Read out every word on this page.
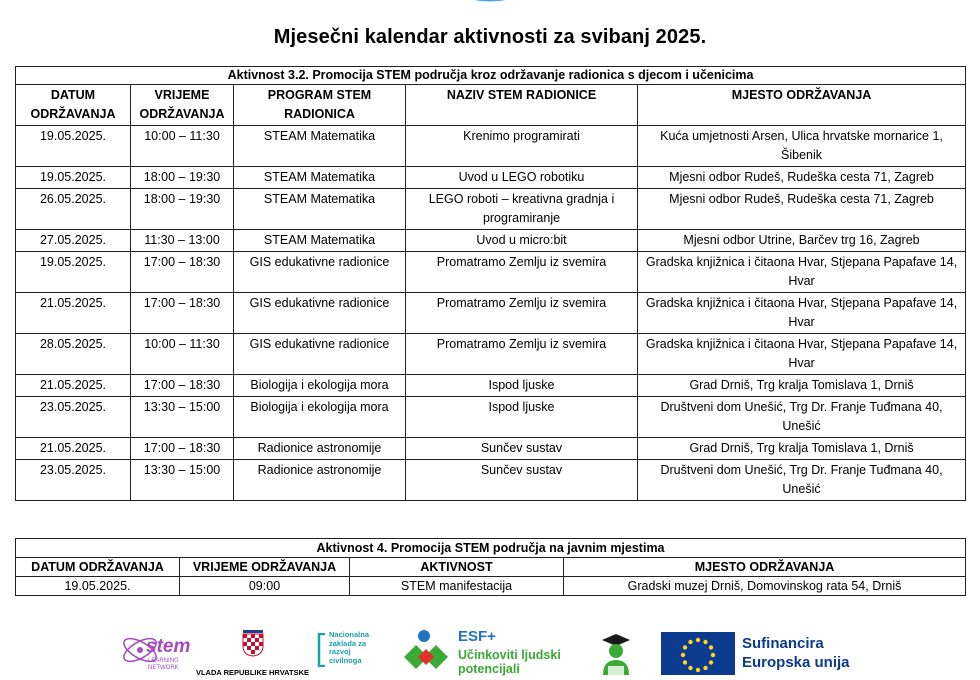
Mjesečni kalendar aktivnosti za svibanj 2025.
Aktivnost 3.2. Promocija STEM područja kroz održavanje radionica s djecom i učenicima				
DATUM ODRŽAVANJA	VRIJEME ODRŽAVANJA	PROGRAM STEM RADIONICA	NAZIV STEM RADIONICE	MJESTO ODRŽAVANJA
19.05.2025.	10:00 – 11:30	STEAM Matematika	Krenimo programirati	Kuća umjetnosti Arsen, Ulica hrvatske mornarice 1, Šibenik
19.05.2025.	18:00 – 19:30	STEAM Matematika	Uvod u LEGO robotiku	Mjesni odbor Rudeš, Rudeška cesta 71, Zagreb
26.05.2025.	18:00 – 19:30	STEAM Matematika	LEGO roboti – kreativna gradnja i programiranje	Mjesni odbor Rudeš, Rudeška cesta 71, Zagreb
27.05.2025.	11:30 – 13:00	STEAM Matematika	Uvod u micro:bit	Mjesni odbor Utrine, Barčev trg 16, Zagreb
19.05.2025.	17:00 – 18:30	GIS edukativne radionice	Promatramo Zemlju iz svemira	Gradska knjižnica i čitaona Hvar, Stjepana Papafave 14, Hvar
21.05.2025.	17:00 – 18:30	GIS edukativne radionice	Promatramo Zemlju iz svemira	Gradska knjižnica i čitaona Hvar, Stjepana Papafave 14, Hvar
28.05.2025.	10:00 – 11:30	GIS edukativne radionice	Promatramo Zemlju iz svemira	Gradska knjižnica i čitaona Hvar, Stjepana Papafave 14, Hvar
21.05.2025.	17:00 – 18:30	Biologija i ekologija mora	Ispod ljuske	Grad Drniš, Trg kralja Tomislava 1, Drniš
23.05.2025.	13:30 – 15:00	Biologija i ekologija mora	Ispod ljuske	Društveni dom Unešić, Trg Dr. Franje Tuđmana 40, Unešić
21.05.2025.	17:00 – 18:30	Radionice astronomije	Sunčev sustav	Grad Drniš, Trg kralja Tomislava 1, Drniš
23.05.2025.	13:30 – 15:00	Radionice astronomije	Sunčev sustav	Društveni dom Unešić, Trg Dr. Franje Tuđmana 40, Unešić
Aktivnost 4. Promocija STEM područja na javnim mjestima			
DATUM ODRŽAVANJA	VRIJEME ODRŽAVANJA	AKTIVNOST	MJESTO ODRŽAVANJA
19.05.2025.	09:00	STEM manifestacija	Gradski muzej Drniš, Domovinskog rata 54, Drniš
stem
LEARNING NETWORK	VLADA REPUBLIKE HRVATSKE
Nacionalna
zaklada za
razvoj
civilnoga
ESF+
Učinkoviti ljudski
potencijali
Sufinancira
Europska unija
